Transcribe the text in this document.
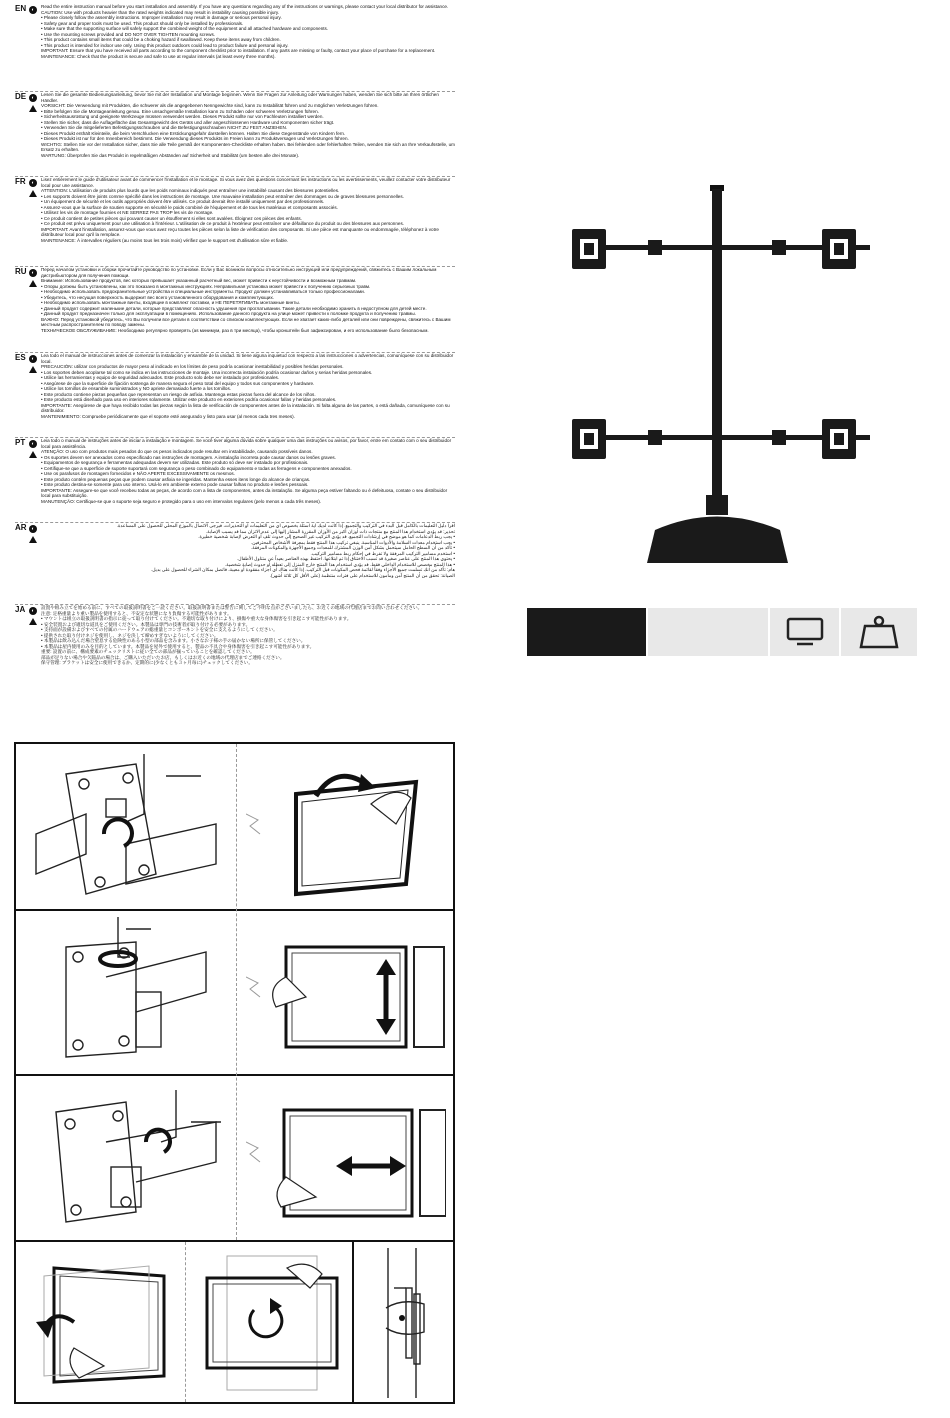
EN	◐
Read the entire instruction manual before you start installation and assembly. If you have any questions regarding any of the instructions or warnings, please contact your local distributor for assistance.
CAUTION: Use with products heavier than the rated weights indicated may result in instability causing possible injury.
• Please closely follow the assembly instructions. Improper installation may result in damage or serious personal injury.
• Safety gear and proper tools must be used. This product should only be installed by professionals.
• Make sure that the supporting surface will safely support the combined weight of the equipment and all attached hardware and components.
• Use the mounting screws provided and DO NOT OVER TIGHTEN mounting screws.
• This product contains small items that could be a choking hazard if swallowed. Keep these items away from children.
• This product is intended for indoor use only. Using this product outdoors could lead to product failure and personal injury.
IMPORTANT: Ensure that you have received all parts according to the component checklist prior to installation. If any parts are missing or faulty, contact your place of purchase for a replacement.
MAINTENANCE: Check that the product is secure and safe to use at regular intervals (at least every three months).
DE	◐
Lesen Sie die gesamte Bedienungsanleitung, bevor Sie mit der Installation und Montage beginnen. Wenn Sie Fragen zur Anleitung oder Warnungen haben, wenden Sie sich bitte an Ihren örtlichen Händler.
VORSICHT: Die Verwendung mit Produkten, die schwerer als die angegebenen Nenngewichte sind, kann zu Instabilität führen und zu möglichen Verletzungen führen.
• Bitte befolgen Sie die Montageanleitung genau. Eine unsachgemäße Installation kann zu Schäden oder schweren Verletzungen führen.
• Sicherheitsausrüstung und geeignete Werkzeuge müssen verwendet werden. Dieses Produkt sollte nur von Fachleuten installiert werden.
• Stellen Sie sicher, dass die Auflagefläche das Gesamtgewicht des Geräts und aller angeschlossenen Hardware und Komponenten sicher trägt.
• Verwenden Sie die mitgelieferten Befestigungsschrauben und die Befestigungsschrauben NICHT ZU FEST ANZIEHEN.
• Dieses Produkt enthält Kleinteile, die beim Verschlucken eine Erstickungsgefahr darstellen können. Halten Sie diese Gegenstände von Kindern fern.
• Dieses Produkt ist nur für den Innenbereich bestimmt. Die Verwendung dieses Produkts im Freien kann zu Produktversagen und Verletzungen führen.
WICHTIG: Stellen Sie vor der Installation sicher, dass Sie alle Teile gemäß der Komponenten-Checkliste erhalten haben. Bei fehlenden oder fehlerhaften Teilen, wenden Sie sich an Ihre Verkaufsstelle, um Ersatz zu erhalten.
WARTUNG: Überprüfen Sie das Produkt in regelmäßigen Abständen auf Sicherheit und Stabilität (um besten alle drei Monate).
FR	◐
Lisez entièrement le guide d'utilisateur avant de commencer l'installation et le montage. Si vous avez des questions concernant les instructions ou les avertissements, veuillez contacter votre distributeur local pour une assistance.
ATTENTION: L'utilisation de produits plus lourds que les poids nominaux indiqués peut entraîner une instabilité causant des blessures potentielles.
• Les supports doivent être joints comme spécifié dans les instructions de montage. Une mauvaise installation peut entraîner des dommages ou de graves blessures personnelles.
• Un équipement de sécurité et les outils appropriés doivent être utilisés. Ce produit devrait être installé uniquement par des professionnels.
• Assurez-vous que la surface de soutien supporte en sécurité le poids combiné de l'équipement et de tous les matériaux et composants associés.
• Utilisez les vis de montage fournies et NE SERREZ PAS TROP les vis de montage.
• Ce produit contient de petites pièces qui pouvant causer un étouffement si elles sont avalées. Éloignez ces pièces des enfants.
• Ce produit est prévu uniquement pour une utilisation à l'intérieur. L'utilisation de ce produit à l'extérieur peut entraîner une défaillance du produit ou des blessures aux personnes.
IMPORTANT: Avant l'installation, assurez-vous que vous avez reçu toutes les pièces selon la liste de vérification des composants. Si une pièce est manquante ou endommagée, téléphonez à votre distributeur local pour qu'il la remplace.
MAINTENANCE: À intervalles réguliers (au moins tous les trois mois) vérifiez que le support est d'utilisation sûre et fiable.
RU ◐
Перед началом установки и сборки прочитайте руководство по установке. Если у Вас возникли вопросы относительно инструкций или предупреждений, свяжитесь с Вашим локальным дистрибьютором для получения помощи.
Внимание: Использование продуктов, вес которых превышает указанный расчетный вес, может привести к неустойчивости и возможным травмам.
• Опоры должны быть установлены, как это показано в монтажных инструкциях. Неправильная установка может привести к получению серьезных травм.
• Необходимо использовать предохранительные устройства и специальные инструменты. Продукт должен устанавливаться только профессионалами.
• Убедитесь, что несущая поверхность выдержит вес всего установленного оборудования и комплектующих.
• Необходимо использовать монтажные винты, входящие в комплект поставки, и НЕ ПЕРЕТЯГИВАТЬ монтажные винты.
• Данный продукт содержит маленькие детали, которые представляют опасность удушения при проглатывании. Такие детали необходимо хранить в недоступном для детей месте.
• Данный продукт предназначен только для эксплуатации в помещениях. Использование данного продукта на улице может привести к поломке продукта и получению травмы.
ВАЖНО: Перед установкой убедитесь, что Вы получили все детали в соответствии со списком комплектующих. Если не хватает каких-либо деталей или они повреждены, свяжитесь с Вашим местным распространителем по поводу замены.
ТЕХНИЧЕСКОЕ ОБСЛУЖИВАНИЕ: Необходимо регулярно проверять (as минимум, раз в три месяца), чтобы кронштейн был зафиксирован, и его использование было безопасным.
ES	◐
Lea todo el manual de instrucciones antes de comenzar la instalación y ensamble de la unidad. Si tiene alguna inquietud con respecto a las instrucciones o advertencias, comuníquese con su distribuidor local.
PRECAUCIÓN: utilizar con productos de mayor peso al indicado en los límites de peso podría ocasionar inestabilidad y posibles heridas personales.
• Los soportes deben acoplarse tal como se indica en las instrucciones de montaje. Una incorrecta instalación podría ocasionar daños y serias heridas personales.
• Utilice las herramientas y equipo de seguridad adecuados. Este producto solo debe ser instalado por profesionales.
• Asegúrese de que la superficie de fijación sostenga de manera segura el peso total del equipo y todos sus componentes y hardware.
• Utilice los tornillos de ensamble suministrados y NO apriete demasiado fuerte a los tornillos.
• Este producto contiene piezas pequeñas que representan un riesgo de asfixia. Mantenga estas piezas fuera del alcance de los niños.
• Este producto está diseñado para uso en interiores solamente. Utilizar este producto en exteriores podría ocasionar fallas y heridas personales.
IMPORTANTE: Asegúrese de que haya recibido todas las piezas según la lista de verificación de componentes antes de la instalación. Si falta alguna de las partes, o está dañada, comuníquese con su distribuidor.
MANTENIMIENTO: Compruebe periódicamente que el soporte esté asegurado y listo para usar (al menos cada tres meses).
PT	◐
Leia todo o manual de instruções antes de iniciar a instalação e montagem. Se você tiver alguma dúvida sobre qualquer uma das instruções ou avisos, por favor, entre em contato com o seu distribuidor local para assistência.
ATENÇÃO: O uso com produtos mais pesados do que os pesos indicados pode resultar em instabilidade, causando possíveis danos.
• Os suportes devem ser anexados como especificado nas instruções de montagem. A instalação incorreta pode causar danos ou lesões graves.
• Equipamentos de segurança e ferramentas adequadas devem ser utilizadas. Este produto só deve ser instalado por profissionais.
• Certifique-se que a superfície de suporte suportará com segurança o peso combinado do equipamento e todas as ferragens e componentes anexados.
• Use os parafusos de montagem fornecidos e NÃO APERTE EXCESSIVAMENTE os mesmos.
• Este produto contém pequenas peças que podem causar asfixia se ingeridas. Mantenha esses itens longe do alcance de crianças.
• Este produto destina-se somente para uso interno. Usá-lo em ambiente externo pode causar falhas no produto e lesões pessoais.
IMPORTANTE: Assegure-se que você recebeu todas as peças, de acordo com a lista de componentes, antes da instalação. Se alguma peça estiver faltando ou é defeituosa, contate o seu distribuidor local para substituição.
MANUTENÇÃO: Certifique-se que o suporte seja seguro e protegido para o uso em intervalos regulares (pelo menos a cada três meses).
AR ◐
اقرأ دليل التعليمات بالكامل قبل البدء في التركيب والتجميع. إذا كانت لديك أية أسئلة بخصوص أي من التعليمات أو التحذيرات، فيرجى الاتصال بالموزع المحلي للحصول على المساعدة.
تحذير: قد يؤدي استخدام هذا المنتج مع منتجات ذات أوزان أكبر من الأوزان المقررة المشار إليها إلى عدم الاتزان مما قد يسبب الإصابة.
• يجب ربط الدعامات كما هو موضح في إرشادات التجميع. قد يؤدي التركيب غير الصحيح إلى حدوث تلف أو التعرض لإصابة شخصية خطيرة.
• يجب استخدام معدات السلامة والأدوات المناسبة. ينبغي تركيب هذا المنتج فقط بمعرفة الأشخاص المحترفين.
• تأكد من أن السطح الحامل سيتحمل بشكل آمن الوزن المشترك للمعدات وجميع الأجهزة والمكونات المرفقة.
• استخدم مسامير التركيب المرفقة ولا تفرط في إحكام ربط مسامير التركيب.
• يحتوي هذا المنتج على عناصر صغيرة قد تسبب الاختناق إذا تم ابتلاعها. احتفظ بهذه العناصر بعيداً عن متناول الأطفال.
• هذا المنتج مخصص للاستخدام الداخلي فقط. قد يؤدي استخدام هذا المنتج خارج المنزل إلى تعطله أو حدوث إصابة شخصية.
هام: تأكد من أنك تسلمت جميع الأجزاء وفقاً لقائمة فحص المكونات قبل التركيب. إذا كانت هناك أي أجزاء مفقودة أو معيبة، فاتصل بمكان الشراء للحصول على بديل.
الصيانة: تحقق من أن المنتج آمن ومأمون للاستخدام على فترات منتظمة (على الأقل كل ثلاثة أشهر).
JA	◐
設置や組み立てを始める前に、すべての取扱説明書をご一読ください。取扱説明書または警告に関してご不明な点がございましたら、お近くの地域の代理店までお問い合わせください。
注意: 定格重量より重い製品を使用すると、不安定な状態になり負傷する可能性があります。
• マウントは組立の取扱説明書の指示に従って取り付けてください。不適切な取り付けにより、損傷や重大な身体傷害を引き起こす可能性があります。
• 安全装置および適切な道具をご使用ください。本製品は専門の技術者が取り付ける必要があります。
• 支持面が設備およびすべての付属のハードウェアの総重量とコンポーネントを安全に支えるようにしてください。
• 提供された取り付けネジを使用し、ネジを決して締めすぎないようにしてください。
• 本製品は飲み込んだ場合窒息する危険性のある小型の部品を含みます。小さなお子様の手の届かない場所に保管してください。
• 本製品は屋内使用のみを目的としています。本製品を屋外で使用すると、製品の不具合や身体傷害を引き起こす可能性があります。
重要: 設置の前に、構成要素のチェックリストに従い全ての部品が揃っていることを確認してください。
部品が足りない場合や欠陥品の場合は、ご購入いただいたお店、もしくはお近くの地域の代理店までご連絡ください。
保守管理: ブラケットは安全に使用できるか、定期的に(少なくとも３ヶ月毎に)チェックしてください。
